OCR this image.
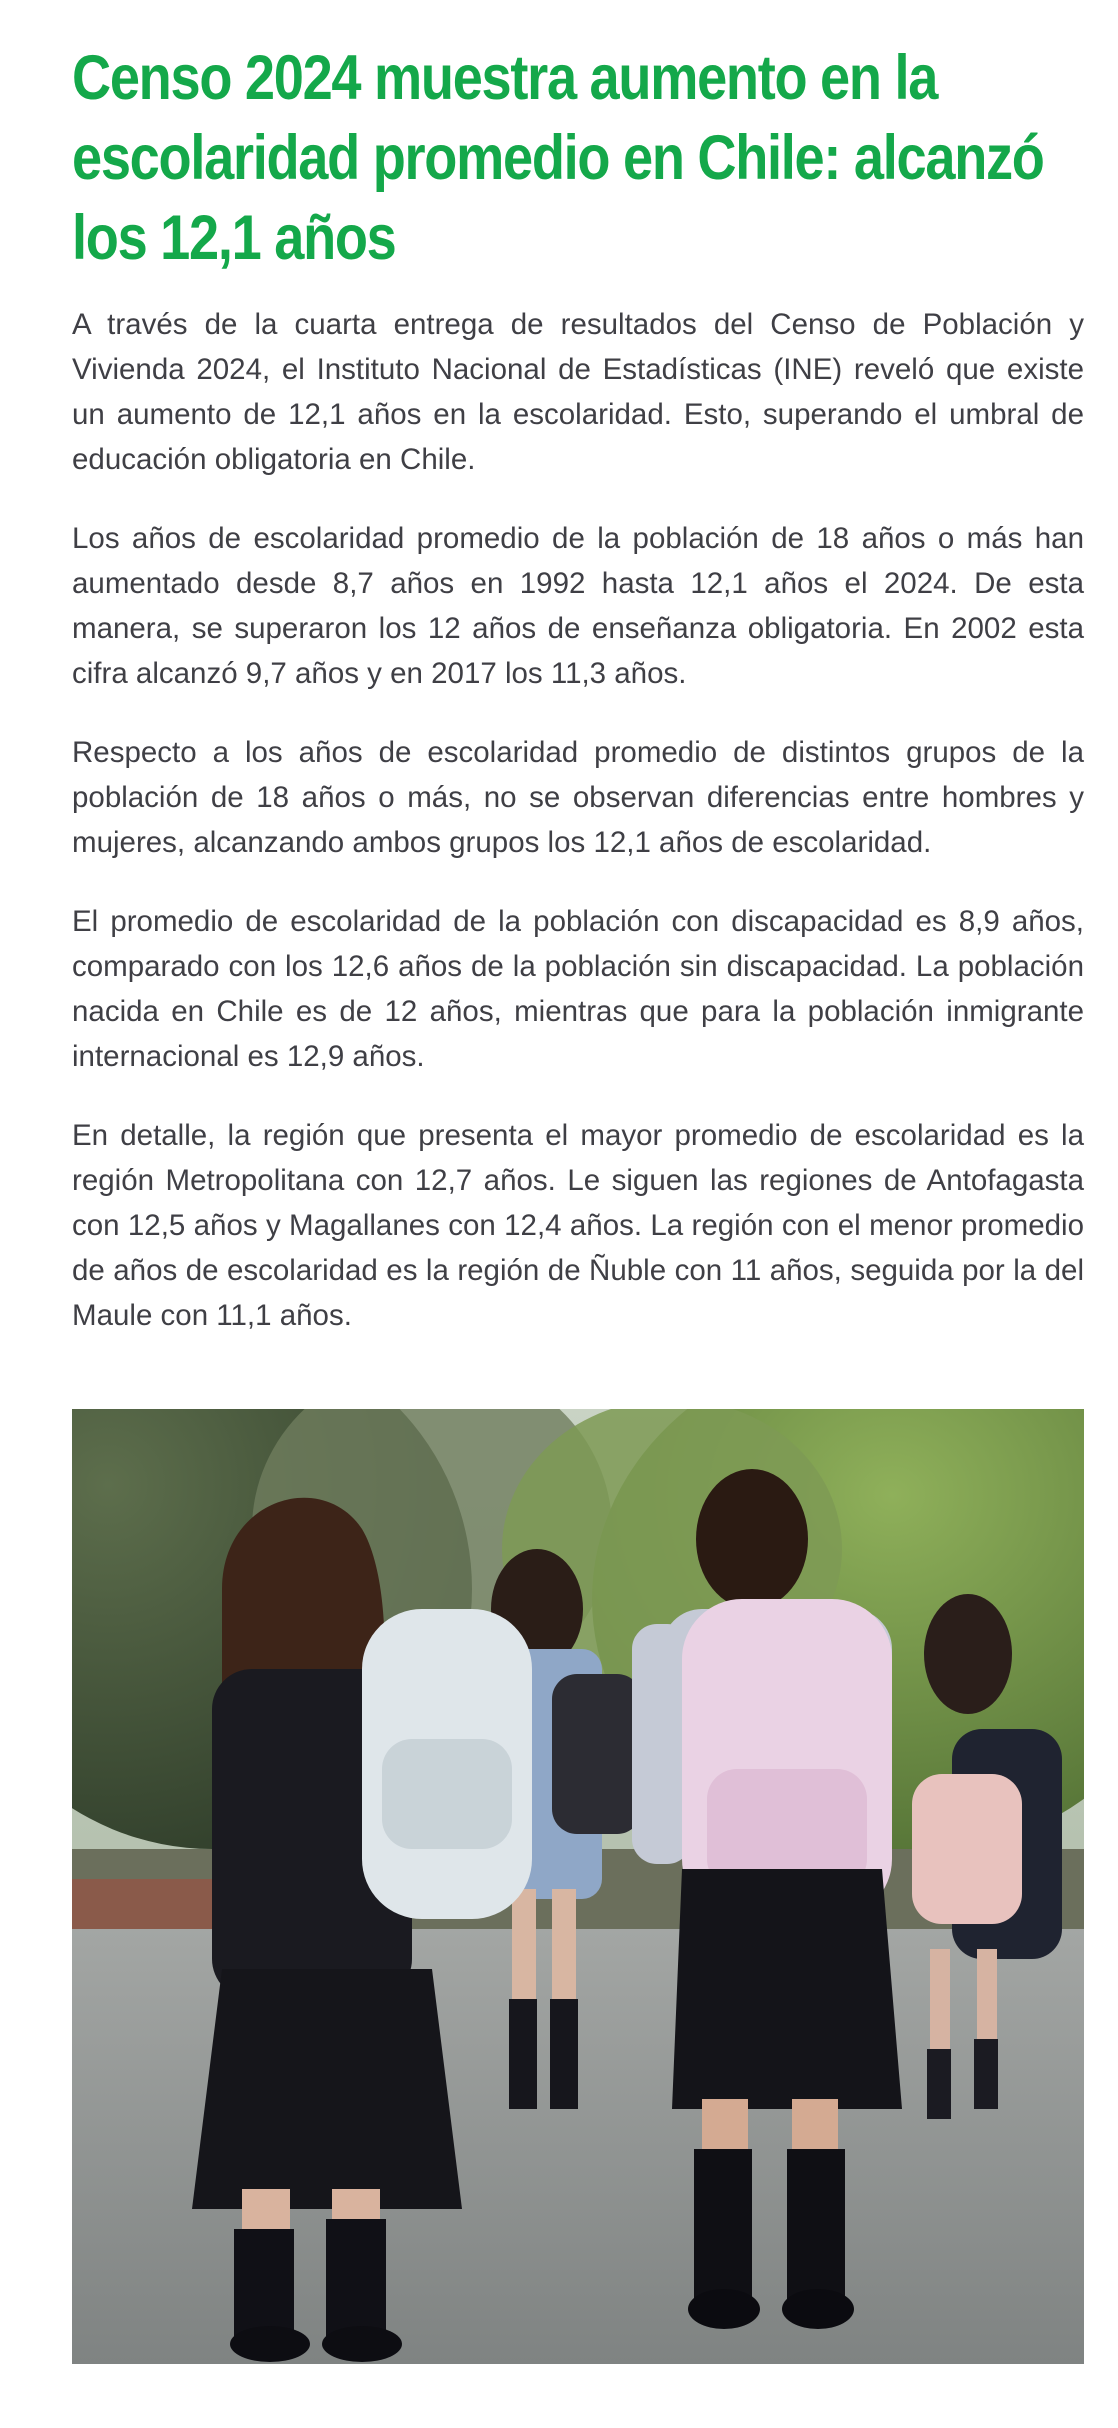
Censo 2024 muestra aumento en la escolaridad promedio en Chile: alcanzó los 12,1 años

A través de la cuarta entrega de resultados del Censo de Población y Vivienda 2024, el Instituto Nacional de Estadísticas (INE) reveló que existe un aumento de 12,1 años en la escolaridad. Esto, superando el umbral de educación obligatoria en Chile.

Los años de escolaridad promedio de la población de 18 años o más han aumentado desde 8,7 años en 1992 hasta 12,1 años el 2024. De esta manera, se superaron los 12 años de enseñanza obligatoria. En 2002 esta cifra alcanzó 9,7 años y en 2017 los 11,3 años.

Respecto a los años de escolaridad promedio de distintos grupos de la población de 18 años o más, no se observan diferencias entre hombres y mujeres, alcanzando ambos grupos los 12,1 años de escolaridad.

El promedio de escolaridad de la población con discapacidad es 8,9 años, comparado con los 12,6 años de la población sin discapacidad. La población nacida en Chile es de 12 años, mientras que para la población inmigrante internacional es 12,9 años.

En detalle, la región que presenta el mayor promedio de escolaridad es la región Metropolitana con 12,7 años. Le siguen las regiones de Antofagasta con 12,5 años y Magallanes con 12,4 años. La región con el menor promedio de años de escolaridad es la región de Ñuble con 11 años, seguida por la del Maule con 11,1 años.
